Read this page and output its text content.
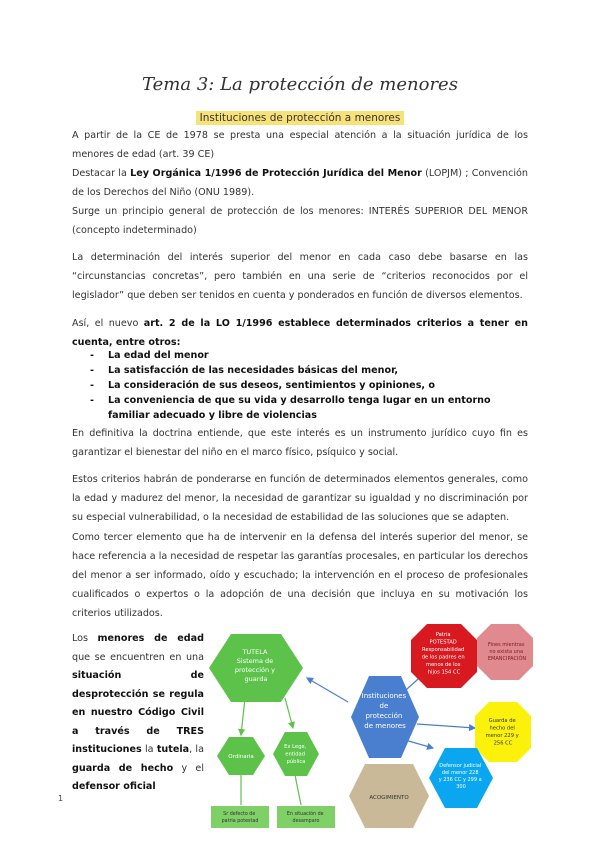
Tema 3: La protección de menores
Instituciones de protección a menores
A partir de la CE de 1978 se presta una especial atención a la situación jurídica de los menores de edad (art. 39 CE)
Destacar la Ley Orgánica 1/1996 de Protección Jurídica del Menor (LOPJM) ; Convención de los Derechos del Niño (ONU 1989).
Surge un principio general de protección de los menores: INTERÉS SUPERIOR DEL MENOR (concepto indeterminado)
La determinación del interés superior del menor en cada caso debe basarse en las “circunstancias concretas”, pero también en una serie de “criterios reconocidos por el legislador” que deben ser tenidos en cuenta y ponderados en función de diversos elementos.
Así, el nuevo art. 2 de la LO 1/1996 establece determinados criterios a tener en cuenta, entre otros:
- La edad del menor
- La satisfacción de las necesidades básicas del menor,
- La consideración de sus deseos, sentimientos y opiniones, o
- La conveniencia de que su vida y desarrollo tenga lugar en un entorno familiar adecuado y libre de violencias
En definitiva la doctrina entiende, que este interés es un instrumento jurídico cuyo fin es garantizar el bienestar del niño en el marco físico, psíquico y social.
Estos criterios habrán de ponderarse en función de determinados elementos generales, como la edad y madurez del menor, la necesidad de garantizar su igualdad y no discriminación por su especial vulnerabilidad, o la necesidad de estabilidad de las soluciones que se adapten.
Como tercer elemento que ha de intervenir en la defensa del interés superior del menor, se hace referencia a la necesidad de respetar las garantías procesales, en particular los derechos del menor a ser informado, oído y escuchado; la intervención en el proceso de profesionales cualificados o expertos o la adopción de una decisión que incluya en su motivación los criterios utilizados.
Los menores de edad que se encuentren en una situación de desprotección se regula en nuestro Código Civil a través de TRES instituciones la tutela, la guarda de hecho y el defensor oficial
1
TUTELA Sistema de protección y guarda
Instituciones de protección de menores
Patria POTESTAD Responsabilidad de los padres en menos de los hijos 154 CC
Fines mientras no exista una EMANCIPACIÓN
Guarda de hecho del menor 229 y 256 CC
Defensor judicial del menor 228 y 236 CC y 299 a 300
ACOGIMIENTO
Ordinaria
Ex Lege, entidad pública
Sr defecto de patria potestad
En situación de desamparo
